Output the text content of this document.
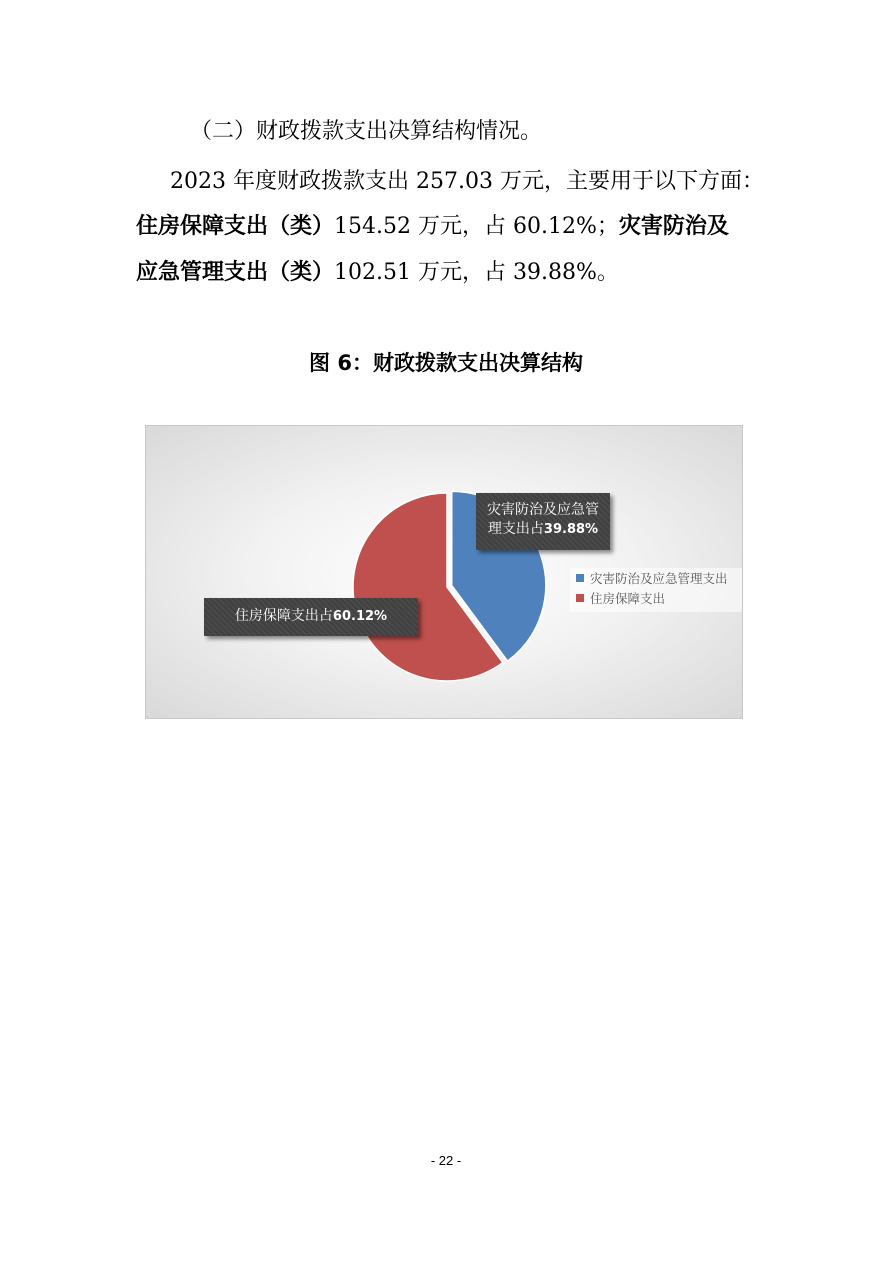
（二）财政拨款支出决算结构情况。
2023 年度财政拨款支出 257.03 万元，主要用于以下方面：
住房保障支出（类）154.52 万元，占 60.12%；灾害防治及
应急管理支出（类）102.51 万元，占 39.88%。
图 6：财政拨款支出决算结构
灾害防治及应急管
理支出占39.88%
住房保障支出占60.12%
灾害防治及应急管理支出
住房保障支出
- 22 -
